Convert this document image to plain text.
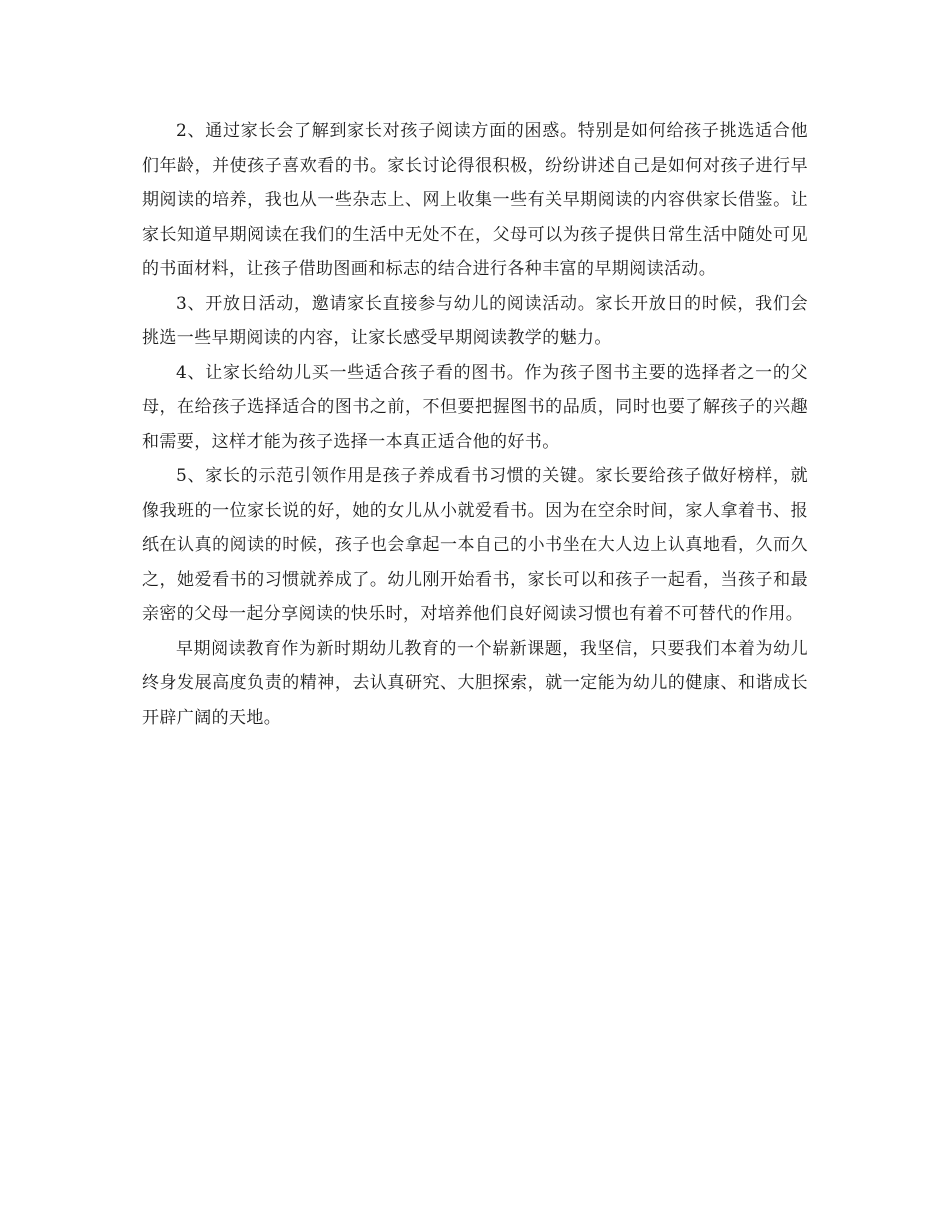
2、通过家长会了解到家长对孩子阅读方面的困惑。特别是如何给孩子挑选适合他们年龄，并使孩子喜欢看的书。家长讨论得很积极，纷纷讲述自己是如何对孩子进行早期阅读的培养，我也从一些杂志上、网上收集一些有关早期阅读的内容供家长借鉴。让家长知道早期阅读在我们的生活中无处不在，父母可以为孩子提供日常生活中随处可见的书面材料，让孩子借助图画和标志的结合进行各种丰富的早期阅读活动。

3、开放日活动，邀请家长直接参与幼儿的阅读活动。家长开放日的时候，我们会挑选一些早期阅读的内容，让家长感受早期阅读教学的魅力。

4、让家长给幼儿买一些适合孩子看的图书。作为孩子图书主要的选择者之一的父母，在给孩子选择适合的图书之前，不但要把握图书的品质，同时也要了解孩子的兴趣和需要，这样才能为孩子选择一本真正适合他的好书。

5、家长的示范引领作用是孩子养成看书习惯的关键。家长要给孩子做好榜样，就像我班的一位家长说的好，她的女儿从小就爱看书。因为在空余时间，家人拿着书、报纸在认真的阅读的时候，孩子也会拿起一本自己的小书坐在大人边上认真地看，久而久之，她爱看书的习惯就养成了。幼儿刚开始看书，家长可以和孩子一起看，当孩子和最亲密的父母一起分享阅读的快乐时，对培养他们良好阅读习惯也有着不可替代的作用。

早期阅读教育作为新时期幼儿教育的一个崭新课题，我坚信，只要我们本着为幼儿终身发展高度负责的精神，去认真研究、大胆探索，就一定能为幼儿的健康、和谐成长开辟广阔的天地。
